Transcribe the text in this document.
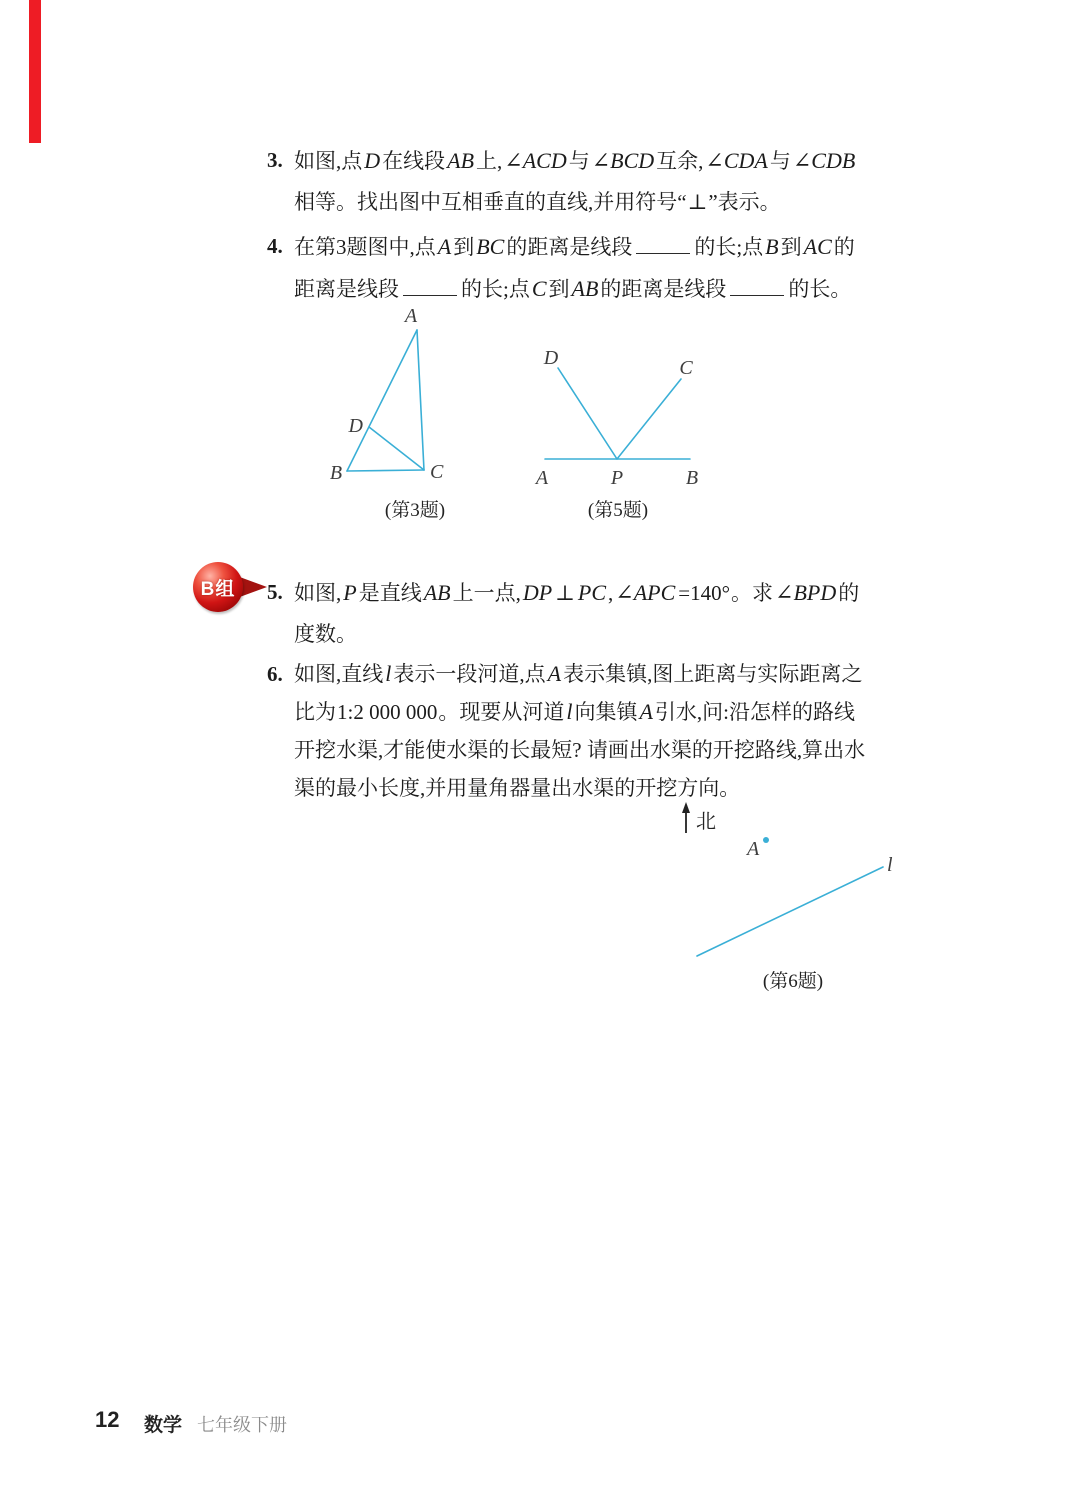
3. 如图,点D在线段AB上,∠ACD与∠BCD互余,∠CDA与∠CDB
相等。找出图中互相垂直的直线,并用符号“⊥”表示。
4. 在第3题图中,点A到BC的距离是线段	的长;点B到AC的
距离是线段	的长;点C到AB的距离是线段	的长。
A
D
B	C
(第3题)
D	C
A	P	B
(第5题)
B组 5. 如图,P是直线AB上一点,DP ⊥ PC,∠APC =140°。求∠BPD的
度数。
6. 如图,直线l表示一段河道,点A表示集镇,图上距离与实际距离之
比为1:2 000 000。现要从河道l向集镇A引水,问:沿怎样的路线
开挖水渠,才能使水渠的长最短? 请画出水渠的开挖路线,算出水
渠的最小长度,并用量角器量出水渠的开挖方向。
北
A
l
(第6题)
12 数学 七年级下册
